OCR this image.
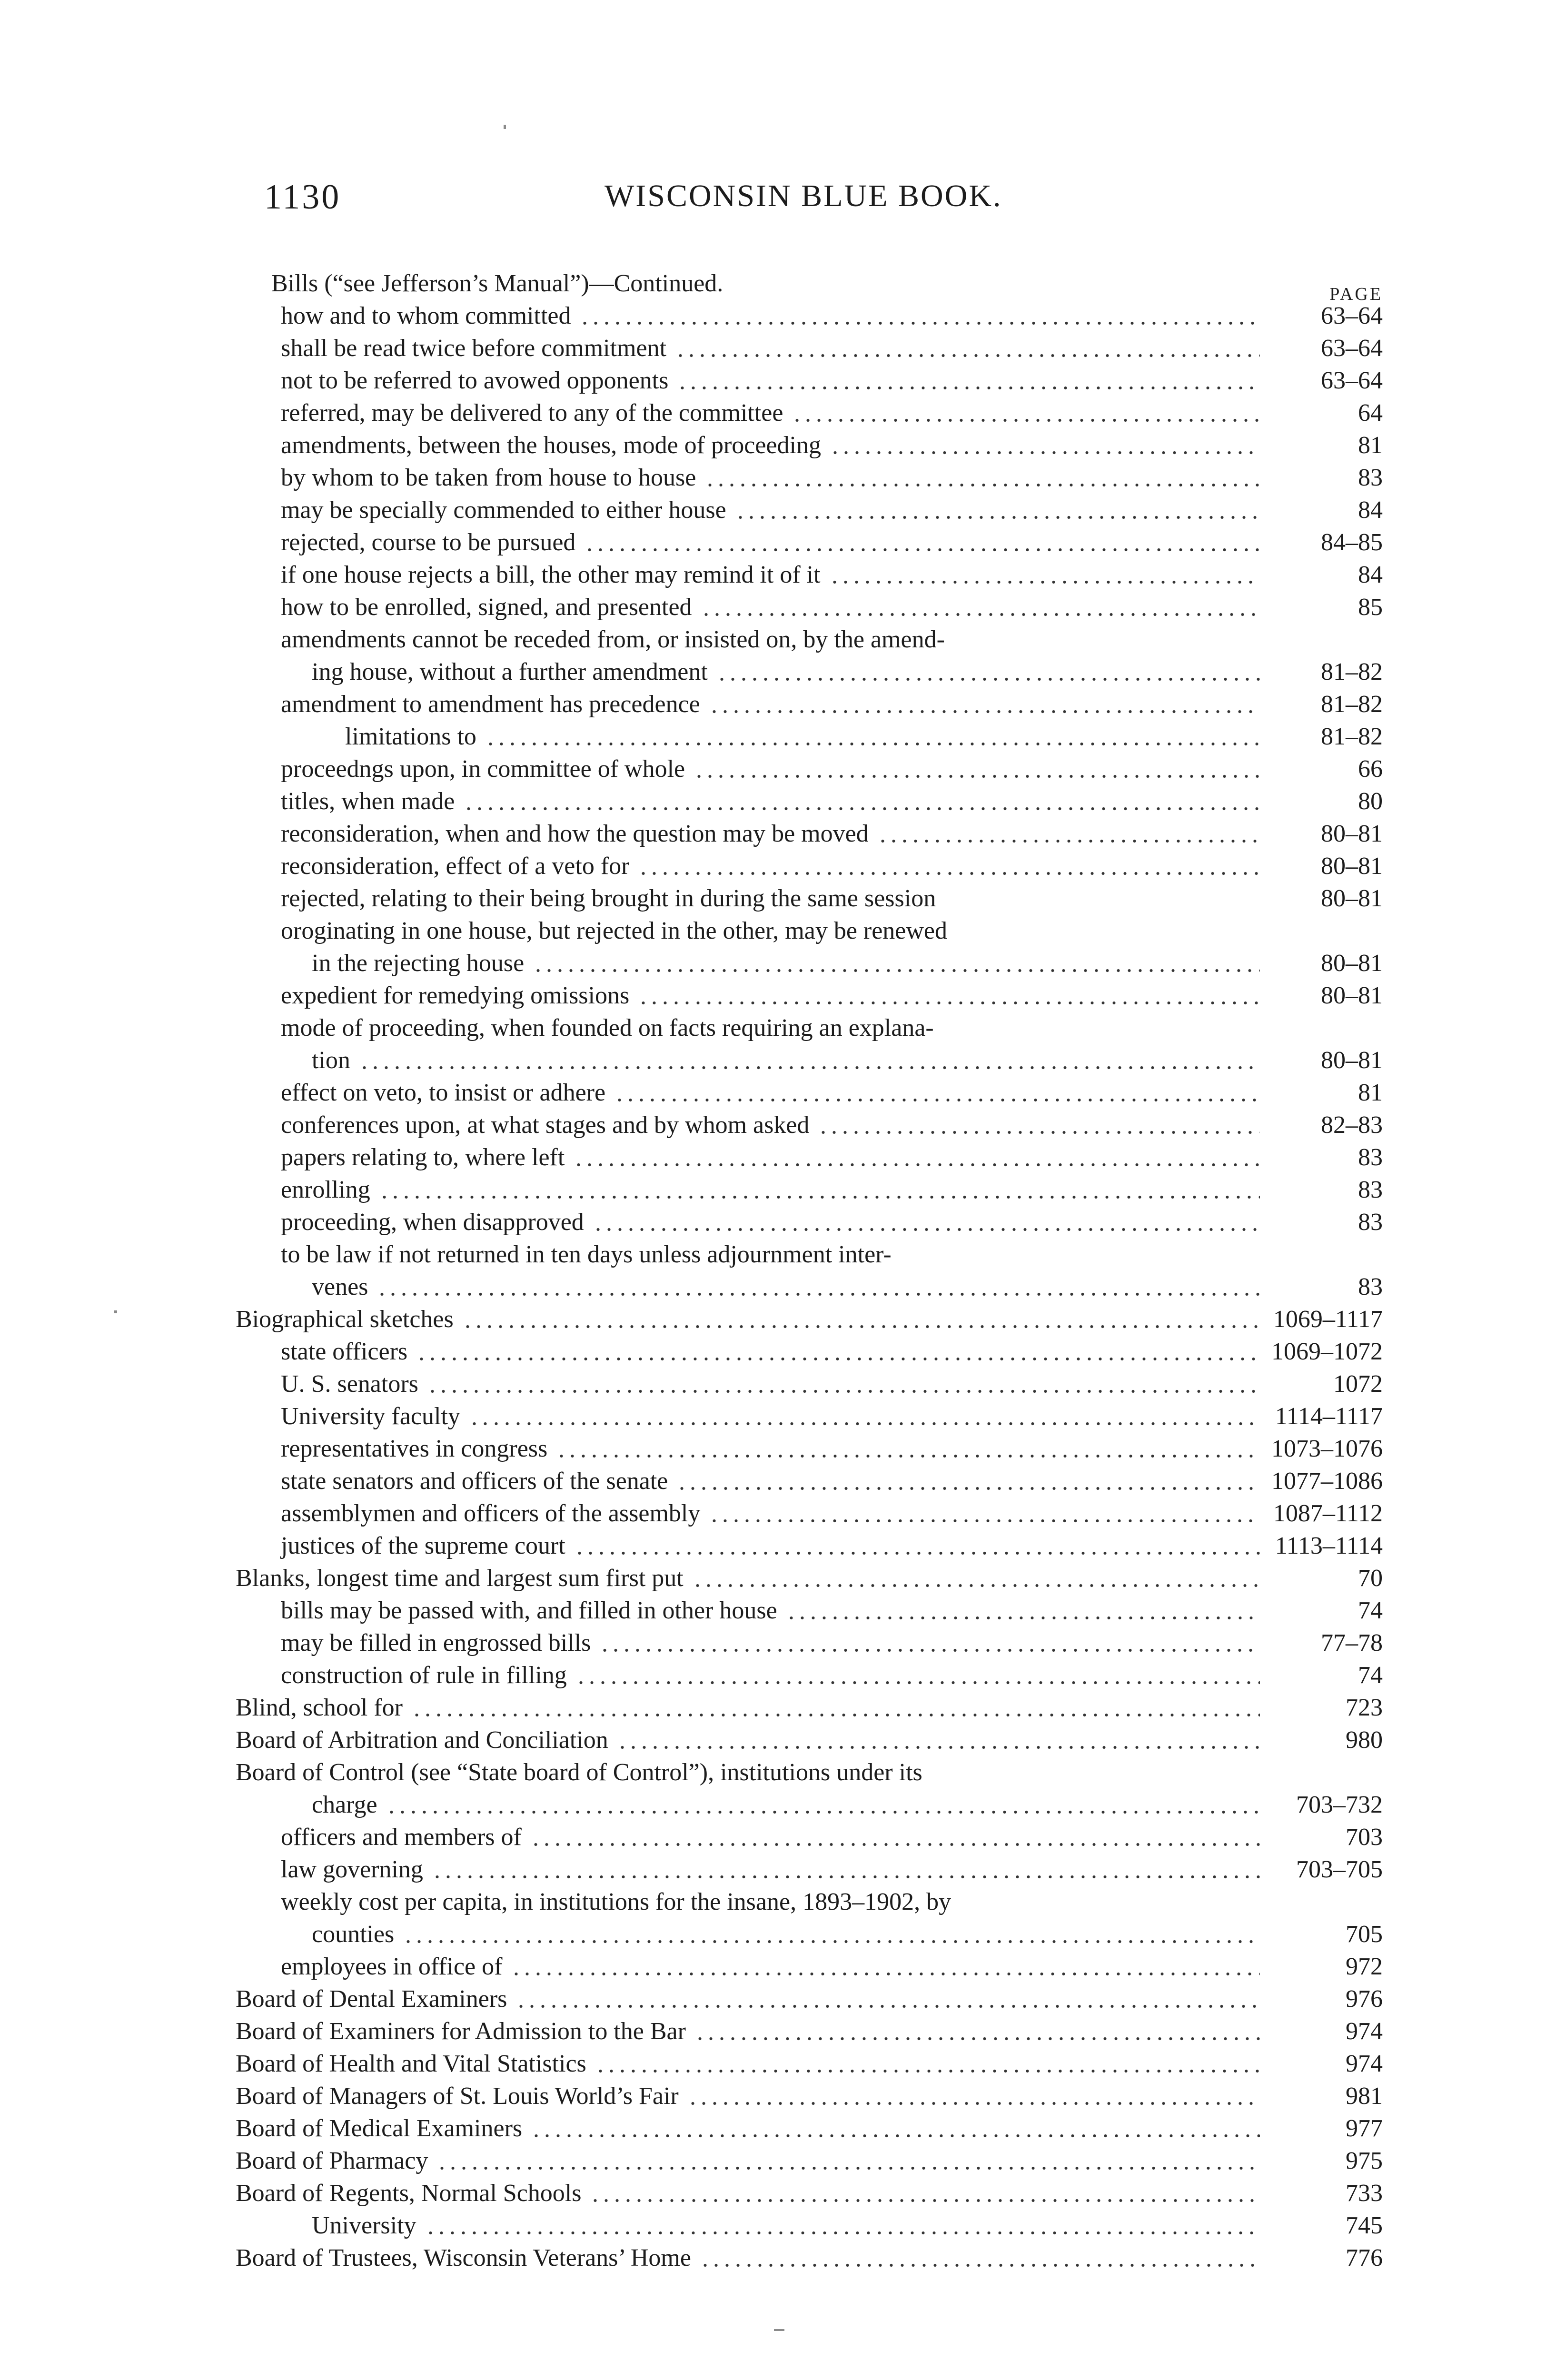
1130	WISCONSIN BLUE BOOK.
PAGE
Bills (“see Jefferson’s Manual”)—Continued.
how and to whom committed	63–64
shall be read twice before commitment	63–64
not to be referred to avowed opponents	63–64
referred, may be delivered to any of the committee	64
amendments, between the houses, mode of proceeding	81
by whom to be taken from house to house	83
may be specially commended to either house	84
rejected, course to be pursued	84–85
if one house rejects a bill, the other may remind it of it	84
how to be enrolled, signed, and presented	85
amendments cannot be receded from, or insisted on, by the amend-
ing house, without a further amendment	81–82
amendment to amendment has precedence	81–82
limitations to	81–82
proceedngs upon, in committee of whole	66
titles, when made	80
reconsideration, when and how the question may be moved	80–81
reconsideration, effect of a veto for	80–81
rejected, relating to their being brought in during the same session	80–81
oroginating in one house, but rejected in the other, may be renewed
in the rejecting house	80–81
expedient for remedying omissions	80–81
mode of proceeding, when founded on facts requiring an explana-
tion	80–81
effect on veto, to insist or adhere	81
conferences upon, at what stages and by whom asked	82–83
papers relating to, where left	83
enrolling	83
proceeding, when disapproved	83
to be law if not returned in ten days unless adjournment inter-
venes	83
Biographical sketches	1069–1117
state officers	1069–1072
U. S. senators	1072
University faculty	1114–1117
representatives in congress	1073–1076
state senators and officers of the senate	1077–1086
assemblymen and officers of the assembly	1087–1112
justices of the supreme court	1113–1114
Blanks, longest time and largest sum first put	70
bills may be passed with, and filled in other house	74
may be filled in engrossed bills	77–78
construction of rule in filling	74
Blind, school for	723
Board of Arbitration and Conciliation	980
Board of Control (see “State board of Control”), institutions under its
charge	703–732
officers and members of	703
law governing	703–705
weekly cost per capita, in institutions for the insane, 1893–1902, by
counties	705
employees in office of	972
Board of Dental Examiners	976
Board of Examiners for Admission to the Bar	974
Board of Health and Vital Statistics	974
Board of Managers of St. Louis World’s Fair	981
Board of Medical Examiners	977
Board of Pharmacy	975
Board of Regents, Normal Schools	733
University	745
Board of Trustees, Wisconsin Veterans’ Home	776
